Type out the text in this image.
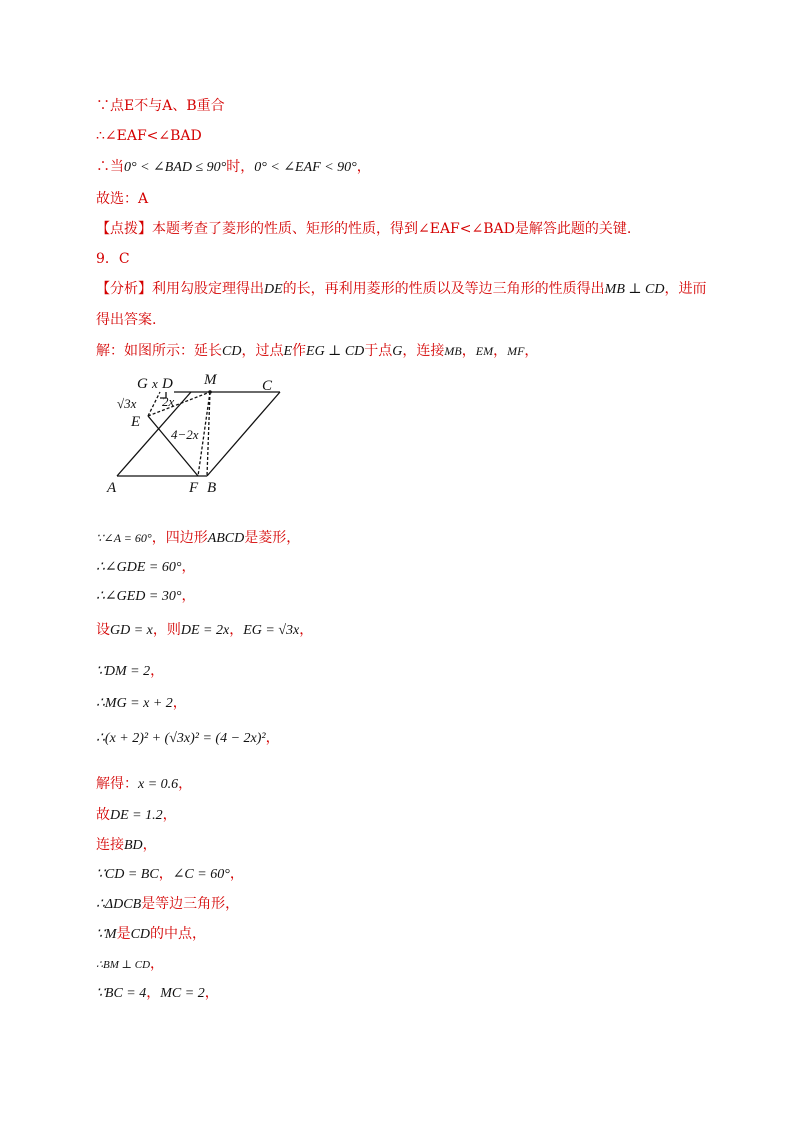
∵点E不与A、B重合
∴∠EAF<∠BAD
∴当0° < ∠BAD ≤ 90°时，0° < ∠EAF < 90°，
故选：A
【点拨】本题考查了菱形的性质、矩形的性质，得到∠EAF<∠BAD是解答此题的关键.
9．C
【分析】利用勾股定理得出DE的长，再利用菱形的性质以及等边三角形的性质得出MB ⊥ CD，进而
得出答案.
解：如图所示：延长CD，过点E作EG ⊥ CD于点G，连接MB，EM，MF，
G x D M	C
√3x 2x
E
4−2x
A	F B
∵∠A = 60°，四边形ABCD是菱形，
∴∠GDE = 60°，
∴∠GED = 30°，
设GD = x，则DE = 2x，EG = √3x，
∵DM = 2，
∴MG = x + 2，
∴(x + 2)² + (√3x)² = (4 − 2x)²，
解得：x = 0.6，
故DE = 1.2，
连接BD，
∵CD = BC，∠C = 60°，
∴ΔDCB是等边三角形，
∵M是CD的中点，
∴BM ⊥ CD，
∵BC = 4，MC = 2，
